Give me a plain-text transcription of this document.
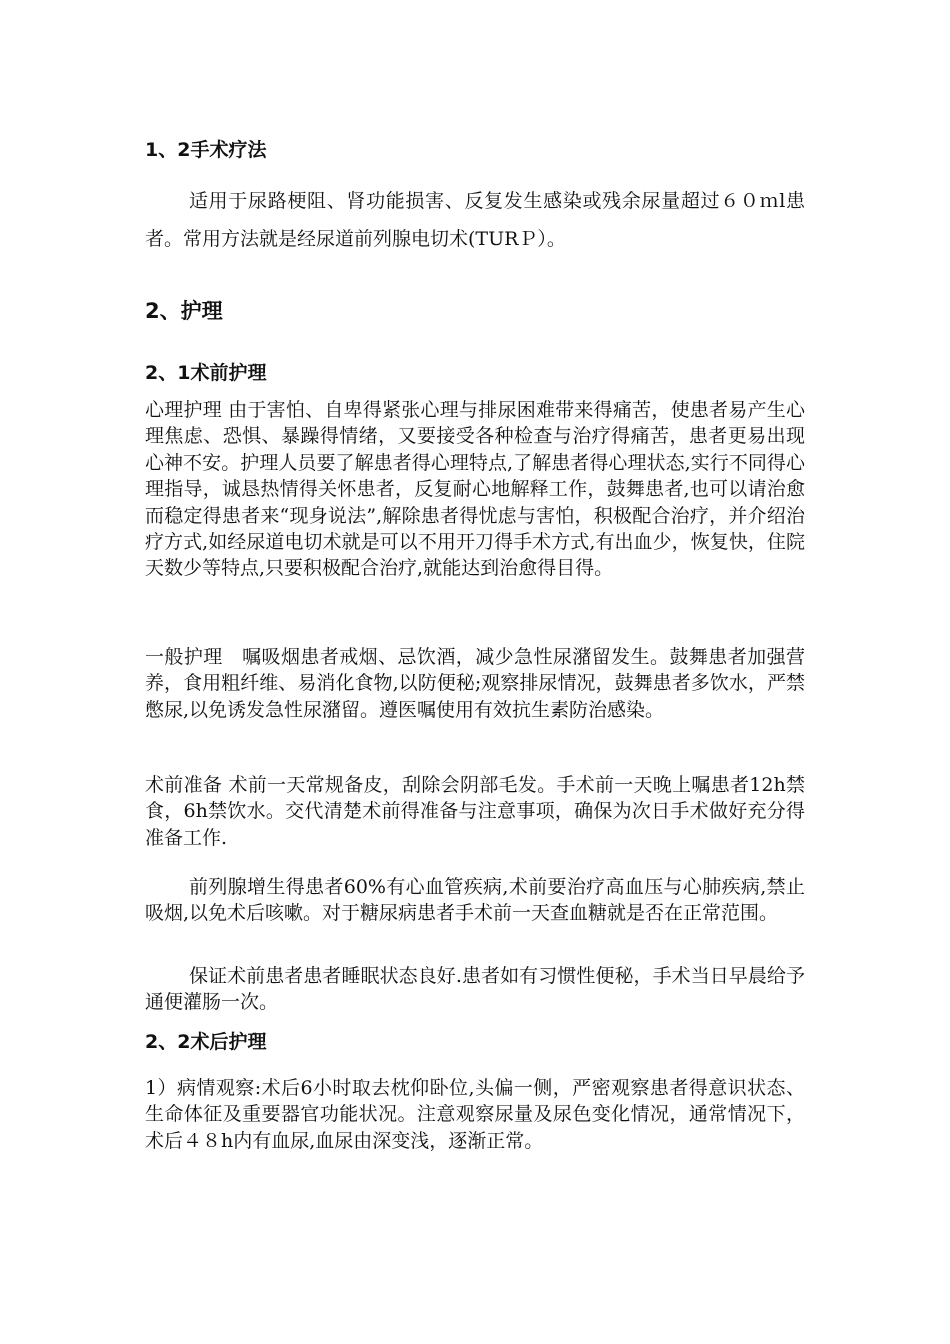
1、2手术疗法
适用于尿路梗阻、肾功能损害、反复发生感染或残余尿量超过６０ｍl患者。常用方法就是经尿道前列腺电切术(TURＰ）。
2、护理
2、1术前护理
心理护理 由于害怕、自卑得紧张心理与排尿困难带来得痛苦，使患者易产生心理焦虑、恐惧、暴躁得情绪，又要接受各种检查与治疗得痛苦，患者更易出现心神不安。护理人员要了解患者得心理特点,了解患者得心理状态,实行不同得心理指导，诚恳热情得关怀患者，反复耐心地解释工作，鼓舞患者,也可以请治愈而稳定得患者来“现身说法”,解除患者得忧虑与害怕，积极配合治疗，并介绍治疗方式,如经尿道电切术就是可以不用开刀得手术方式,有出血少，恢复快，住院天数少等特点,只要积极配合治疗,就能达到治愈得目得。
一般护理　嘱吸烟患者戒烟、忌饮酒，减少急性尿潴留发生。鼓舞患者加强营养，食用粗纤维、易消化食物,以防便秘;观察排尿情况，鼓舞患者多饮水，严禁憋尿,以免诱发急性尿潴留。遵医嘱使用有效抗生素防治感染。
术前准备 术前一天常规备皮，刮除会阴部毛发。手术前一天晚上嘱患者12h禁食，6h禁饮水。交代清楚术前得准备与注意事项，确保为次日手术做好充分得准备工作.
前列腺增生得患者60%有心血管疾病,术前要治疗高血压与心肺疾病,禁止吸烟,以免术后咳嗽。对于糖尿病患者手术前一天查血糖就是否在正常范围。
保证术前患者患者睡眠状态良好.患者如有习惯性便秘，手术当日早晨给予通便灌肠一次。
2、2术后护理
1）病情观察:术后6小时取去枕仰卧位,头偏一侧，严密观察患者得意识状态、生命体征及重要器官功能状况。注意观察尿量及尿色变化情况，通常情况下，术后４８h内有血尿,血尿由深变浅，逐渐正常。
